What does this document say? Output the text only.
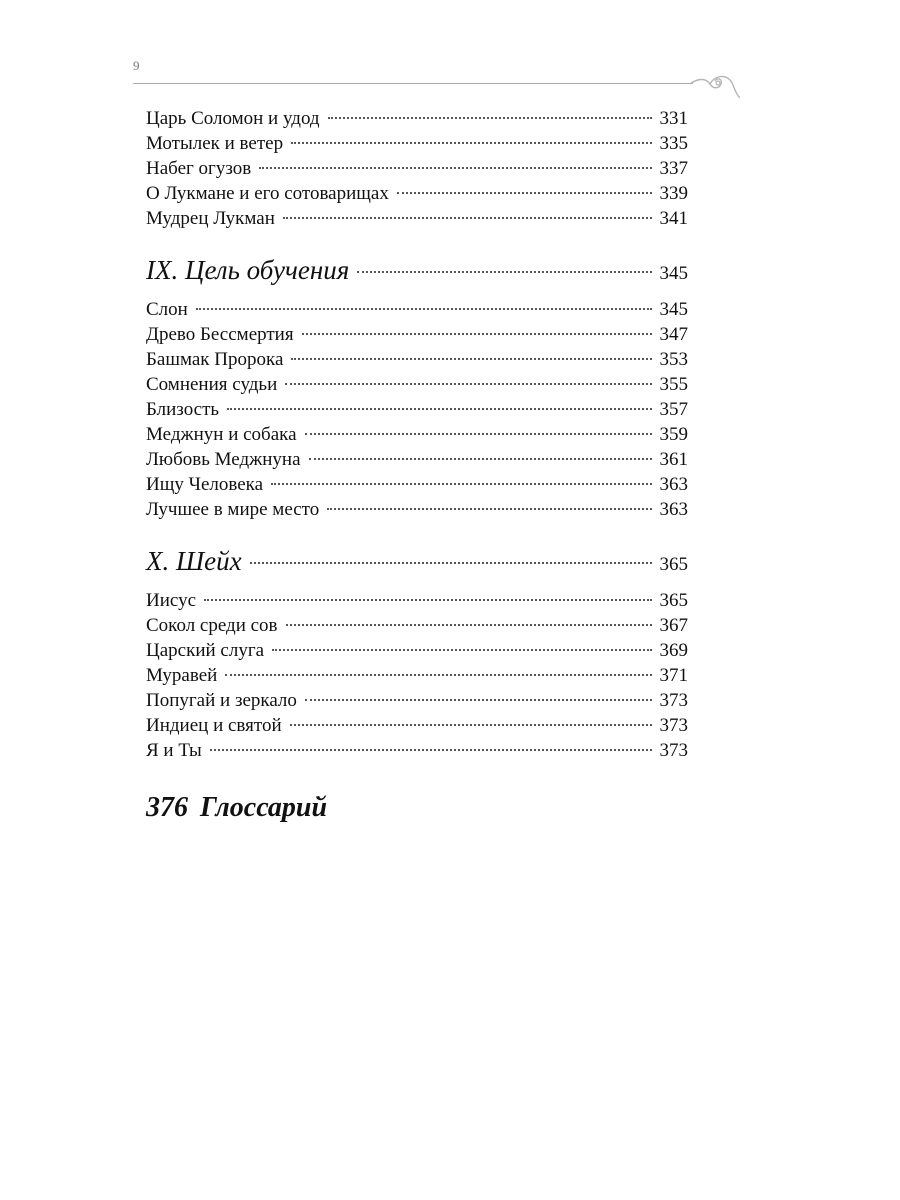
9
Царь Соломон и удод	331
Мотылек и ветер	335
Набег огузов	337
О Лукмане и его сотоварищах	339
Мудрец Лукман	341
IX. Цель обучения	345
Слон	345
Древо Бессмертия	347
Башмак Пророка	353
Сомнения судьи	355
Близость	357
Меджнун и собака	359
Любовь Меджнуна	361
Ищу Человека	363
Лучшее в мире место	363
X. Шейх	365
Иисус	365
Сокол среди сов	367
Царский слуга	369
Муравей	371
Попугай и зеркало	373
Индиец и святой	373
Я и Ты	373
376 Глоссарий
